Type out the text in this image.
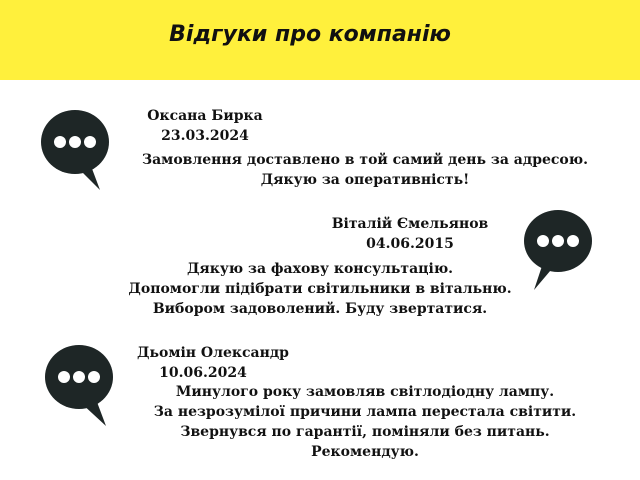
Відгуки про компанію
Оксана Бирка
23.03.2024
Замовлення доставлено в той самий день за адресою.
Дякую за оперативність!
Віталій Ємельянов
04.06.2015
Дякую за фахову консультацію.
Допомогли підібрати світильники в вітальню.
Вибором задоволений. Буду звертатися.
Дьомін Олександр
10.06.2024
Минулого року замовляв світлодіодну лампу.
За незрозумілої причини лампа перестала світити.
Звернувся по гарантії, поміняли без питань.
Рекомендую.
